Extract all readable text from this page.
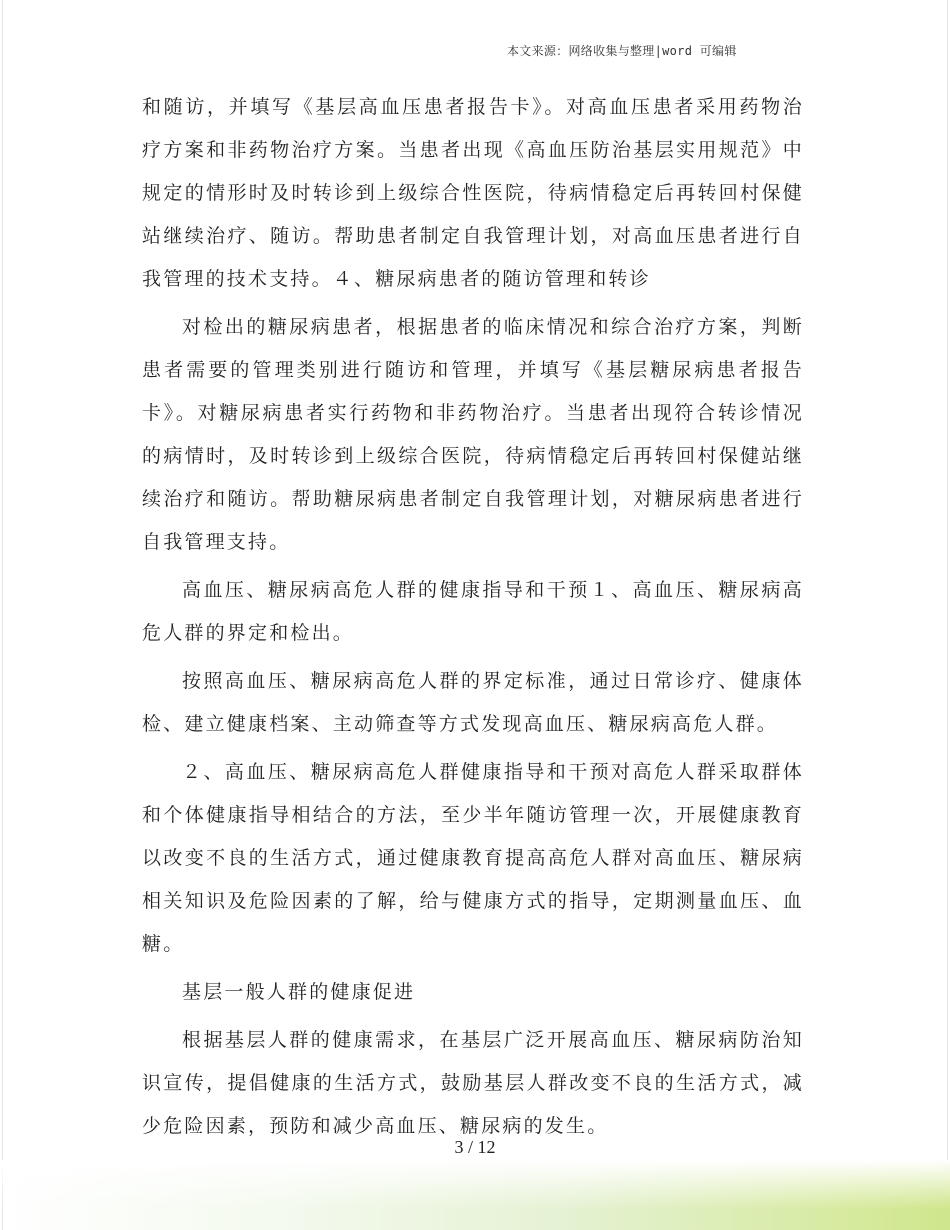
本文来源：网络收集与整理|word 可编辑

和随访，并填写《基层高血压患者报告卡》。对高血压患者采用药物治疗方案和非药物治疗方案。当患者出现《高血压防治基层实用规范》中规定的情形时及时转诊到上级综合性医院，待病情稳定后再转回村保健站继续治疗、随访。帮助患者制定自我管理计划，对高血压患者进行自我管理的技术支持。４、糖尿病患者的随访管理和转诊

对检出的糖尿病患者，根据患者的临床情况和综合治疗方案，判断患者需要的管理类别进行随访和管理，并填写《基层糖尿病患者报告卡》。对糖尿病患者实行药物和非药物治疗。当患者出现符合转诊情况的病情时，及时转诊到上级综合医院，待病情稳定后再转回村保健站继续治疗和随访。帮助糖尿病患者制定自我管理计划，对糖尿病患者进行自我管理支持。

高血压、糖尿病高危人群的健康指导和干预１、高血压、糖尿病高危人群的界定和检出。

按照高血压、糖尿病高危人群的界定标准，通过日常诊疗、健康体检、建立健康档案、主动筛查等方式发现高血压、糖尿病高危人群。

２、高血压、糖尿病高危人群健康指导和干预对高危人群采取群体和个体健康指导相结合的方法，至少半年随访管理一次，开展健康教育以改变不良的生活方式，通过健康教育提高高危人群对高血压、糖尿病相关知识及危险因素的了解，给与健康方式的指导，定期测量血压、血糖。

基层一般人群的健康促进

根据基层人群的健康需求，在基层广泛开展高血压、糖尿病防治知识宣传，提倡健康的生活方式，鼓励基层人群改变不良的生活方式，减少危险因素，预防和减少高血压、糖尿病的发生。

3 / 12
